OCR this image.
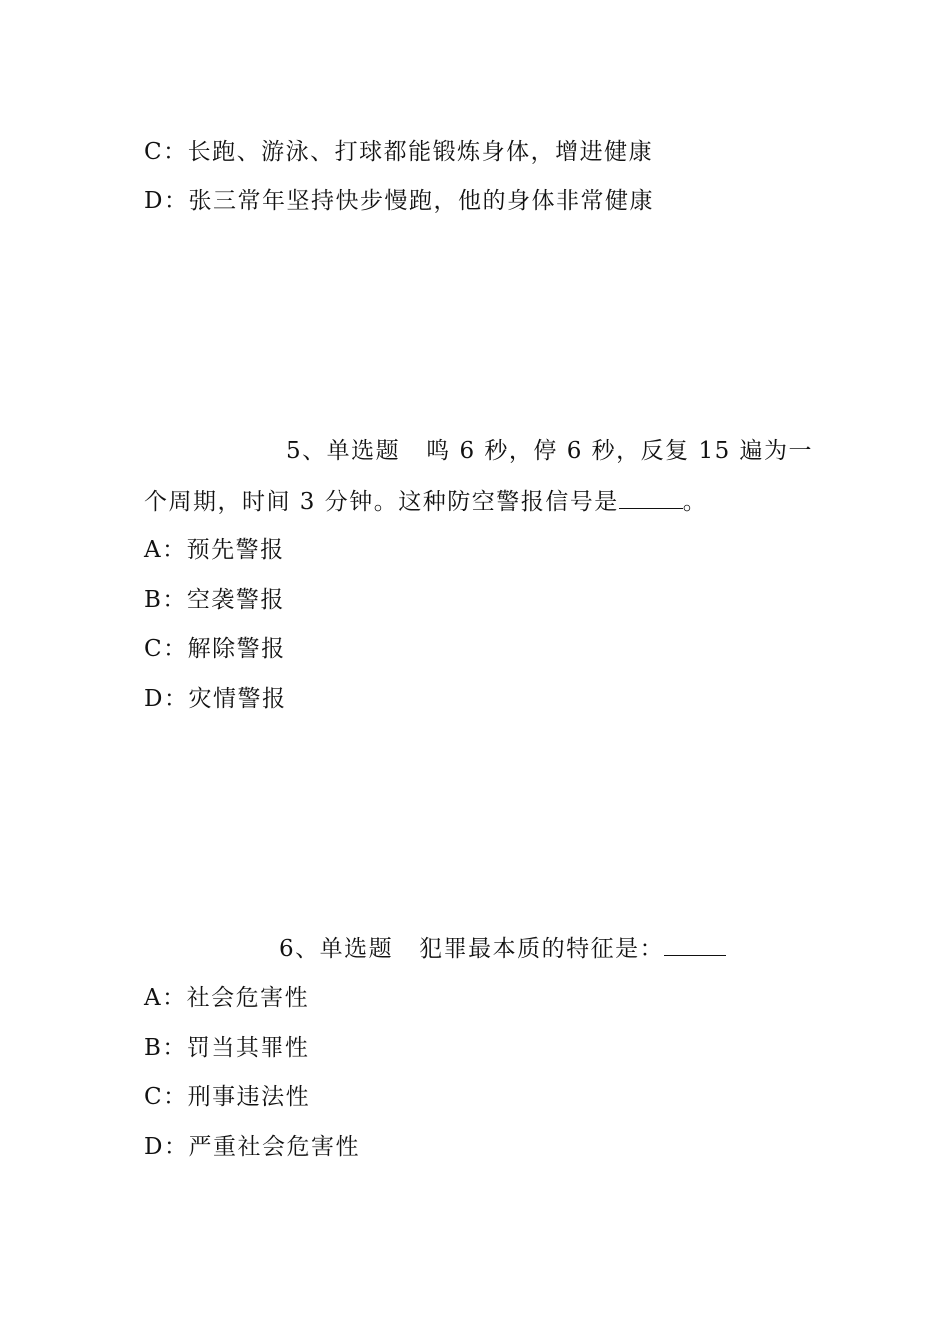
C：长跑、游泳、打球都能锻炼身体，增进健康
D：张三常年坚持快步慢跑，他的身体非常健康
5、单选题 鸣 6 秒，停 6 秒，反复 15 遍为一
个周期，时间 3 分钟。这种防空警报信号是	。
A：预先警报
B：空袭警报
C：解除警报
D：灾情警报
6、单选题 犯罪最本质的特征是：
A：社会危害性
B：罚当其罪性
C：刑事违法性
D：严重社会危害性
